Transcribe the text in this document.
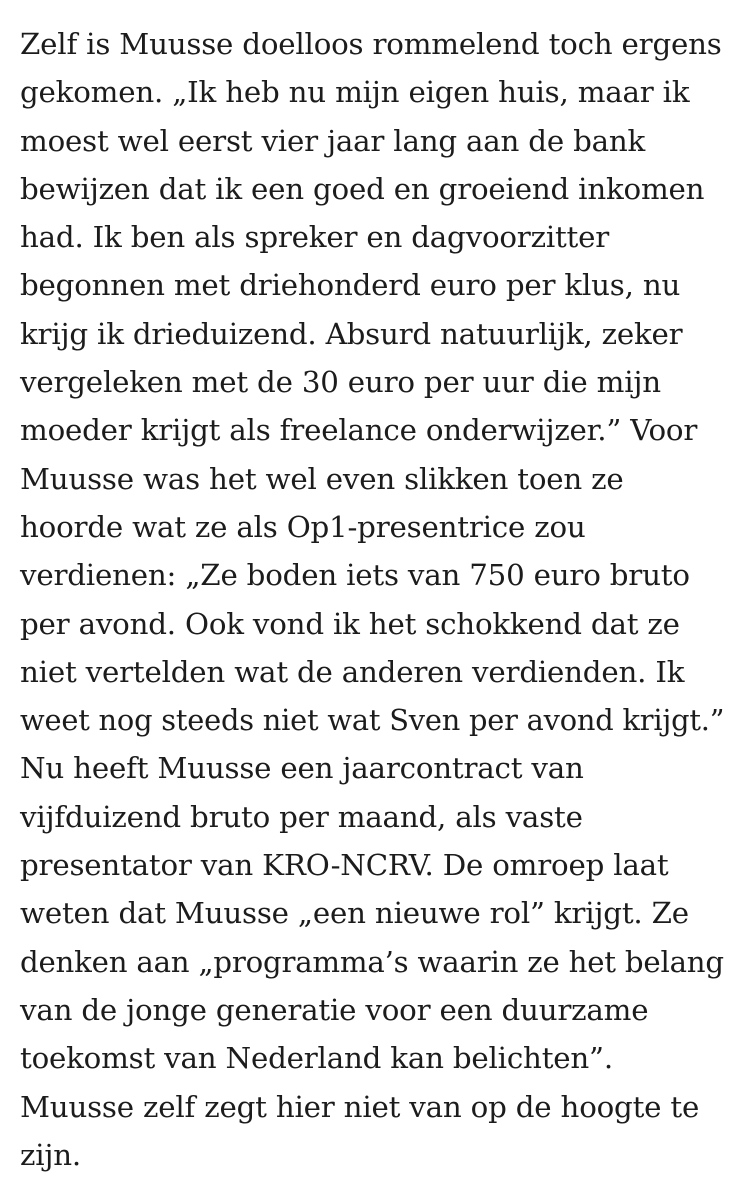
Zelf is Muusse doelloos rommelend toch ergens
gekomen. „Ik heb nu mijn eigen huis, maar ik
moest wel eerst vier jaar lang aan de bank
bewijzen dat ik een goed en groeiend inkomen
had. Ik ben als spreker en dagvoorzitter
begonnen met driehonderd euro per klus, nu
krijg ik drieduizend. Absurd natuurlijk, zeker
vergeleken met de 30 euro per uur die mijn
moeder krijgt als freelance onderwijzer.” Voor
Muusse was het wel even slikken toen ze
hoorde wat ze als Op1-presentrice zou
verdienen: „Ze boden iets van 750 euro bruto
per avond. Ook vond ik het schokkend dat ze
niet vertelden wat de anderen verdienden. Ik
weet nog steeds niet wat Sven per avond krijgt.”
Nu heeft Muusse een jaarcontract van
vijfduizend bruto per maand, als vaste
presentator van KRO-NCRV. De omroep laat
weten dat Muusse „een nieuwe rol” krijgt. Ze
denken aan „programma’s waarin ze het belang
van de jonge generatie voor een duurzame
toekomst van Nederland kan belichten”.
Muusse zelf zegt hier niet van op de hoogte te
zijn.
